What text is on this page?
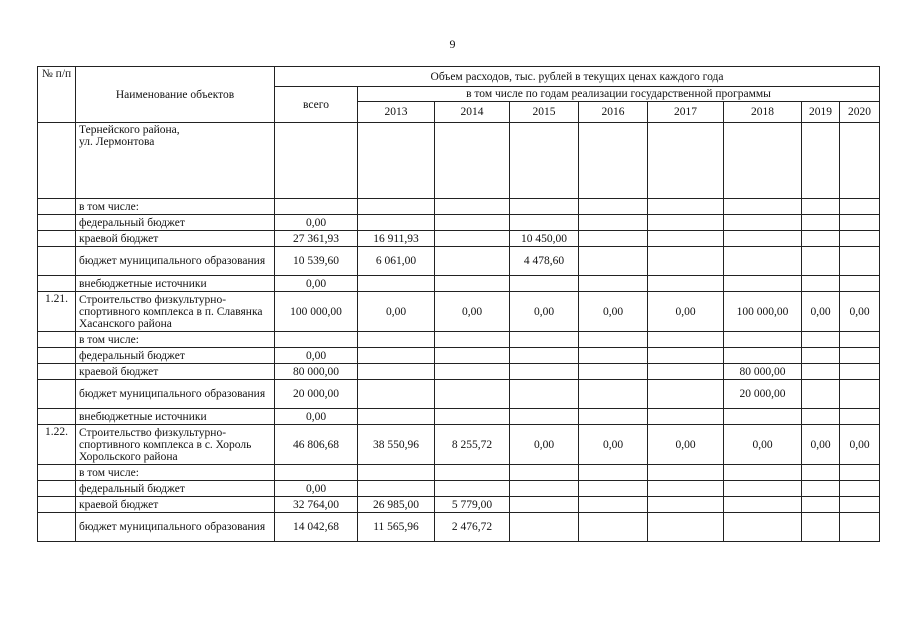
9
№ п/п	Наименование объектов	Объем расходов, тыс. рублей в текущих ценах каждого года								
		всего	в том числе по годам реализации государственной программы							
			2013	2014	2015	2016	2017	2018	2019	2020
	Тернейского района,
ул. Лермонтова									
	в том числе:									
	федеральный бюджет	0,00								
	краевой бюджет	27 361,93	16 911,93		10 450,00					
	бюджет муниципального образования	10 539,60	6 061,00		4 478,60					
	внебюджетные источники	0,00								
1.21.	Строительство физкультурно-спортивного комплекса в п. Славянка Хасанского района	100 000,00	0,00	0,00	0,00	0,00	0,00	100 000,00	0,00	0,00
	в том числе:									
	федеральный бюджет	0,00								
	краевой бюджет	80 000,00						80 000,00		
	бюджет муниципального образования	20 000,00						20 000,00		
	внебюджетные источники	0,00								
1.22.	Строительство физкультурно-спортивного комплекса в с. Хороль Хорольского района	46 806,68	38 550,96	8 255,72	0,00	0,00	0,00	0,00	0,00	0,00
	в том числе:									
	федеральный бюджет	0,00								
	краевой бюджет	32 764,00	26 985,00	5 779,00						
	бюджет муниципального образования	14 042,68	11 565,96	2 476,72						
